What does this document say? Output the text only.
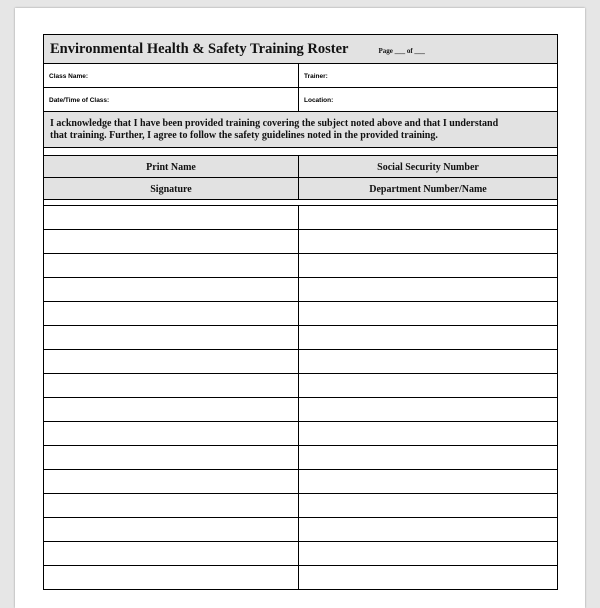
Environmental Health & Safety Training Roster	Page ___ of ___
Class Name:	Trainer:
Date/Time of Class:	Location:
I acknowledge that I have been provided training covering the subject noted above and that I understand
that training. Further, I agree to follow the safety guidelines noted in the provided training.
Print Name	Social Security Number
Signature	Department Number/Name
